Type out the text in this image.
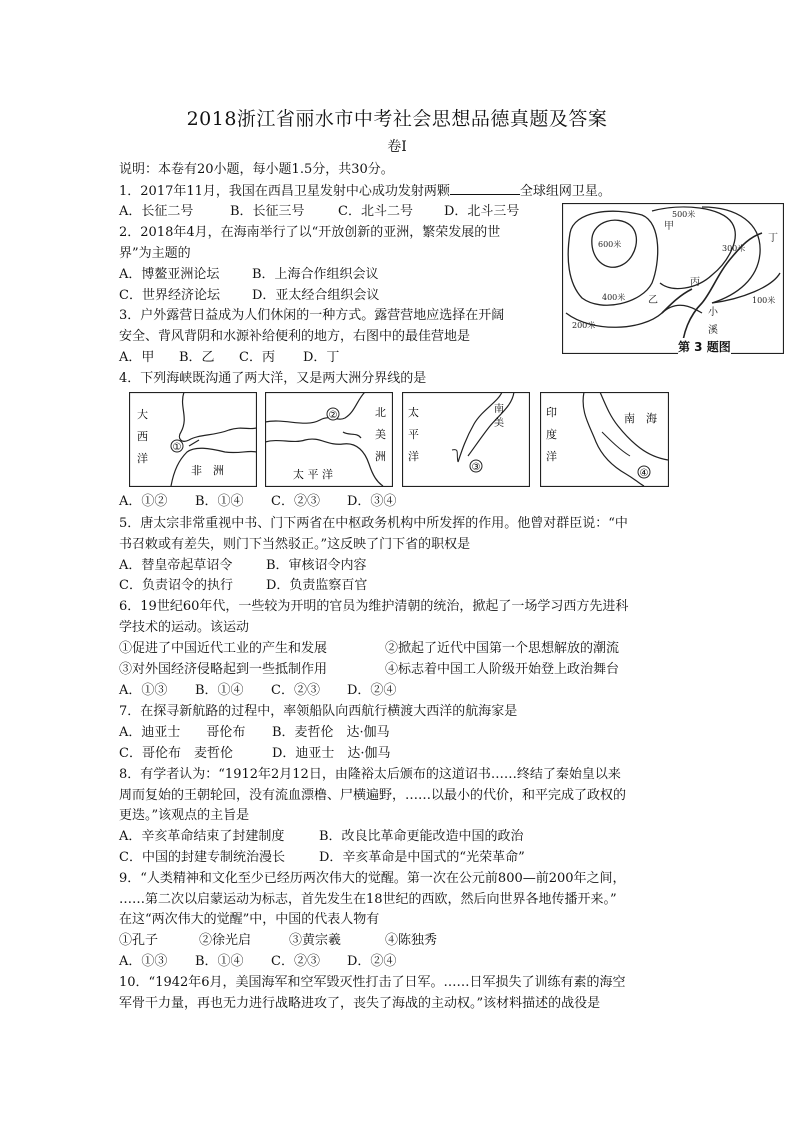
2018浙江省丽水市中考社会思想品德真题及答案
卷Ⅰ
说明：本卷有20小题，每小题1.5分，共30分。
1．2017年11月，我国在西昌卫星发射中心成功发射两颗	全球组网卫星。
A．长征二号	B．长征三号	C．北斗二号 D．北斗三号
2．2018年4月，在海南举行了以“开放创新的亚洲，繁荣发展的世
界”为主题的
A．博鳌亚洲论坛	B．上海合作组织会议
C．世界经济论坛 D．亚太经合组织会议
3．户外露营日益成为人们休闲的一种方式。露营营地应选择在开阔
安全、背风背阴和水源补给便利的地方，右图中的最佳营地是
A．甲 B．乙 C．丙 D．丁
600米
500米
400米
300米
200米
100米
甲
乙
丙
丁
小
溪
第 3 题图
4．下列海峡既沟通了两大洋，又是两大洲分界线的是
①
大
西
洋
非　洲
②	北
美
洲
太 平 洋
③
太
平
洋
南
美
④
印
度
洋
南　海
A．①② B．①④ C．②③ D．③④
5．唐太宗非常重视中书、门下两省在中枢政务机构中所发挥的作用。他曾对群臣说：“中
书召敕或有差失，则门下当然驳正。”这反映了门下省的职权是
A．替皇帝起草诏令	B．审核诏令内容
C．负责诏令的执行	D．负责监察百官
6．19世纪60年代，一些较为开明的官员为维护清朝的统治，掀起了一场学习西方先进科
学技术的运动。该运动
①促进了中国近代工业的产生和发展	②掀起了近代中国第一个思想解放的潮流
③对外国经济侵略起到一些抵制作用	④标志着中国工人阶级开始登上政治舞台
A．①③ B．①④ C．②③ D．②④
7．在探寻新航路的过程中，率领船队向西航行横渡大西洋的航海家是
A．迪亚士　　哥伦布 B．麦哲伦　达·伽马
C．哥伦布　麦哲伦	D．迪亚士　达·伽马
8．有学者认为：“1912年2月12日，由隆裕太后颁布的这道诏书……终结了秦始皇以来
周而复始的王朝轮回，没有流血漂橹、尸横遍野，……以最小的代价，和平完成了政权的
更迭。”该观点的主旨是
A．辛亥革命结束了封建制度	B．改良比革命更能改造中国的政治
C．中国的封建专制统治漫长	D．辛亥革命是中国式的“光荣革命”
9．“人类精神和文化至少已经历两次伟大的觉醒。第一次在公元前800—前200年之间，
……第二次以启蒙运动为标志，首先发生在18世纪的西欧，然后向世界各地传播开来。”
在这“两次伟大的觉醒”中，中国的代表人物有
①孔子	②徐光启	③黄宗羲	④陈独秀
A．①③ B．①④ C．②③ D．②④
10．“1942年6月，美国海军和空军毁灭性打击了日军。……日军损失了训练有素的海空
军骨干力量，再也无力进行战略进攻了，丧失了海战的主动权。”该材料描述的战役是
